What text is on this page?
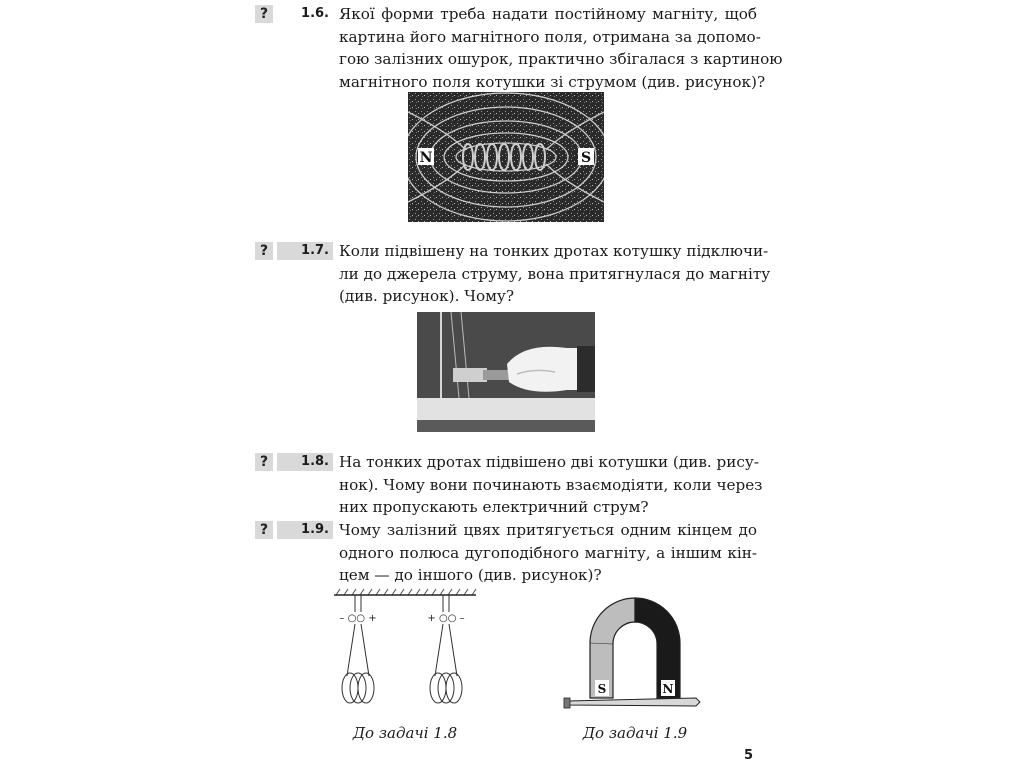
?	1.6. Якої форми треба надати постійному магніту, щоб
картина його магнітного поля, отримана за допомо-
гою залізних ошурок, практично збігалася з картиною
магнітного поля котушки зі струмом (див. рисунок)?

N	S
?	1.7. Коли підвішену на тонких дротах котушку підключи-
ли до джерела струму, вона притягнулася до магніту
(див. рисунок). Чому?

?	1.8. На тонких дротах підвішено дві котушки (див. рису-
нок). Чому вони починають взаємодіяти, коли через
них пропускають електричний струм?

?	1.9. Чому залізний цвях притягується одним кінцем до
одного полюса дугоподібного магніту, а іншим кін-
цем — до іншого (див. рисунок)?

– ○○ +	+ ○○ –
До задачі 1.8
S	N
До задачі 1.9
5
